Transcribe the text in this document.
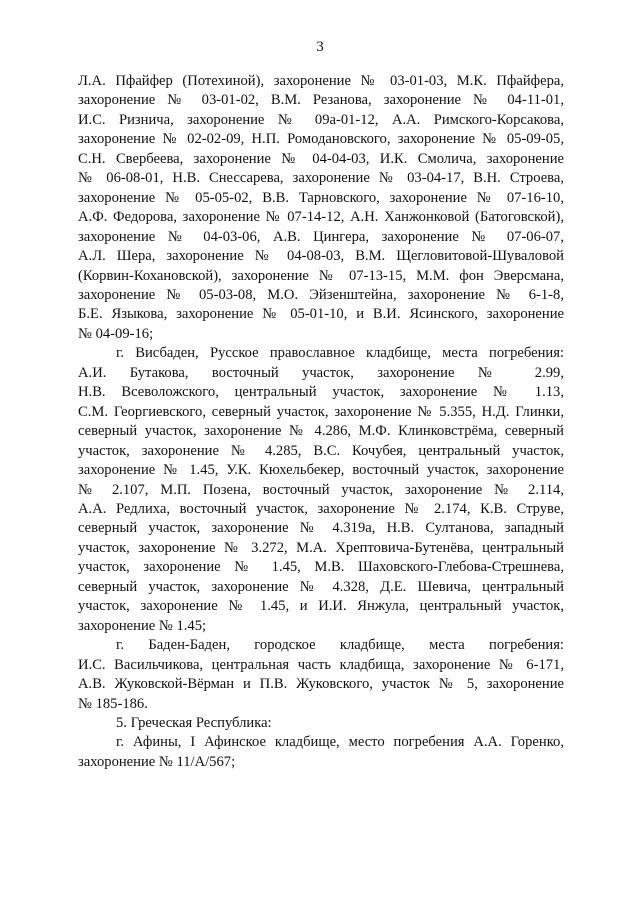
3
Л.А. Пфайфер (Потехиной), захоронение № 03-01-03, М.К. Пфайфера,
захоронение № 03-01-02, В.М. Резанова, захоронение № 04-11-01,
И.С. Ризнича, захоронение № 09а-01-12, А.А. Римского-Корсакова,
захоронение № 02-02-09, Н.П. Ромодановского, захоронение № 05-09-05,
С.Н. Свербеева, захоронение № 04-04-03, И.К. Смолича, захоронение
№ 06-08-01, Н.В. Снессарева, захоронение № 03-04-17, В.Н. Строева,
захоронение № 05-05-02, В.В. Тарновского, захоронение № 07-16-10,
А.Ф. Федорова, захоронение № 07-14-12, А.Н. Ханжонковой (Батоговской),
захоронение № 04-03-06, А.В. Цингера, захоронение № 07-06-07,
А.Л. Шера, захоронение № 04-08-03, В.М. Щегловитовой-Шуваловой
(Корвин-Кохановской), захоронение № 07-13-15, М.М. фон Эверсмана,
захоронение № 05-03-08, М.О. Эйзенштейна, захоронение № 6-1-8,
Б.Е. Языкова, захоронение № 05-01-10, и В.И. Ясинского, захоронение
№ 04-09-16;
г. Висбаден, Русское православное кладбище, места погребения:
А.И. Бутакова, восточный участок, захоронение № 2.99,
Н.В. Всеволожского, центральный участок, захоронение № 1.13,
С.М. Георгиевского, северный участок, захоронение № 5.355, Н.Д. Глинки,
северный участок, захоронение № 4.286, М.Ф. Клинковстрёма, северный
участок, захоронение № 4.285, В.С. Кочубея, центральный участок,
захоронение № 1.45, У.К. Кюхельбекер, восточный участок, захоронение
№ 2.107, М.П. Позена, восточный участок, захоронение № 2.114,
А.А. Редлиха, восточный участок, захоронение № 2.174, К.В. Струве,
северный участок, захоронение № 4.319а, Н.В. Султанова, западный
участок, захоронение № 3.272, М.А. Хрептовича-Бутенёва, центральный
участок, захоронение № 1.45, М.В. Шаховского-Глебова-Стрешнева,
северный участок, захоронение № 4.328, Д.Е. Шевича, центральный
участок, захоронение № 1.45, и И.И. Янжула, центральный участок,
захоронение № 1.45;
г. Баден-Баден, городское кладбище, места погребения:
И.С. Васильчикова, центральная часть кладбища, захоронение № 6-171,
А.В. Жуковской-Вёрман и П.В. Жуковского, участок № 5, захоронение
№ 185-186.
5. Греческая Республика:
г. Афины, I Афинское кладбище, место погребения А.А. Горенко,
захоронение № 11/А/567;
